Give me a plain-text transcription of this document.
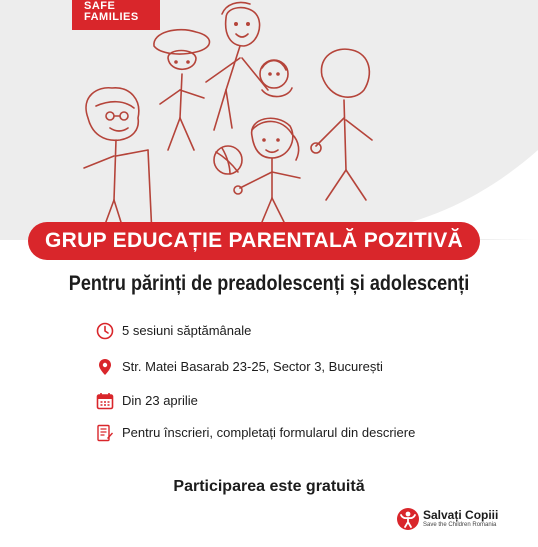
SAFE
FAMILIES
GRUP EDUCAȚIE PARENTALĂ POZITIVĂ
Pentru părinți de preadolescenți și adolescenți
5 sesiuni săptămânale
Str. Matei Basarab 23-25, Sector 3, București
Din 23 aprilie
Pentru înscrieri, completați formularul din descriere
Participarea este gratuită
Salvați Copiii
Save the Children Romania
